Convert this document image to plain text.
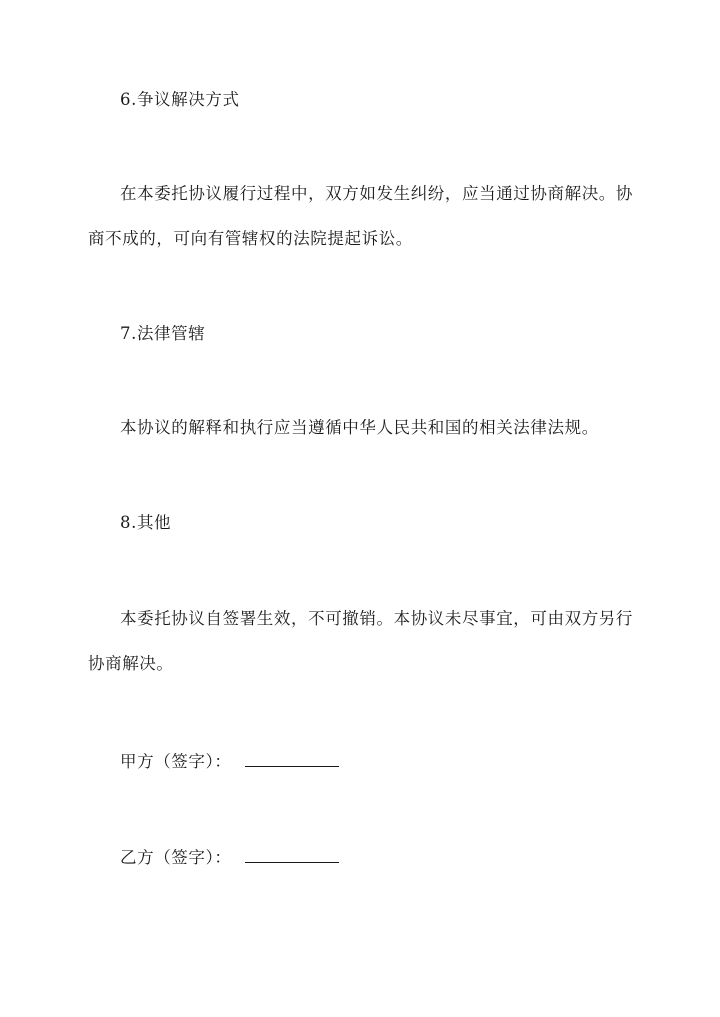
6.争议解决方式
在本委托协议履行过程中，双方如发生纠纷，应当通过协商解决。协
商不成的，可向有管辖权的法院提起诉讼。
7.法律管辖
本协议的解释和执行应当遵循中华人民共和国的相关法律法规。
8.其他
本委托协议自签署生效，不可撤销。本协议未尽事宜，可由双方另行
协商解决。
甲方（签字）：
乙方（签字）：
